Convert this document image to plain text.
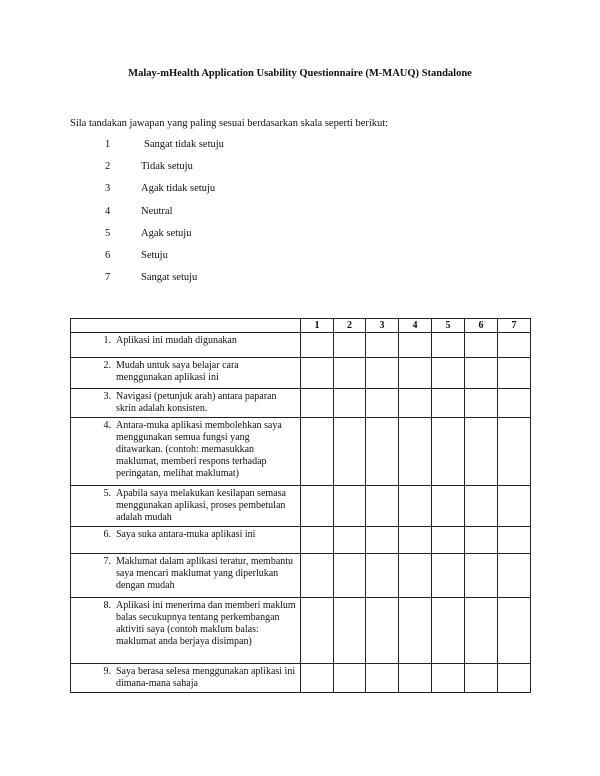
Malay-mHealth Application Usability Questionnaire (M-MAUQ) Standalone
Sila tandakan jawapan yang paling sesuai berdasarkan skala seperti berikut:
1	Sangat tidak setuju
2	Tidak setuju
3	Agak tidak setuju
4	Neutral
5	Agak setuju
6	Setuju
7	Sangat setuju
	1	2	3	4	5	6	7

1. Aplikasi ini mudah digunakan							

2. Mudah untuk saya belajar cara menggunakan aplikasi ini							

3. Navigasi (petunjuk arah) antara paparan skrin adalah konsisten.							

4. Antara-muka aplikasi membolehkan saya menggunakan semua fungsi yang ditawarkan. (contoh: memasukkan maklumat, memberi respons terhadap peringatan, melihat maklumat)							

5. Apabila saya melakukan kesilapan semasa menggunakan aplikasi, proses pembetulan adalah mudah							

6. Saya suka antara-muka aplikasi ini							

7. Maklumat dalam aplikasi teratur, membantu saya mencari maklumat yang diperlukan dengan mudah							

8. Aplikasi ini menerima dan memberi maklum balas secukupnya tentang perkembangan aktiviti saya (contoh maklum balas: maklumat anda berjaya disimpan)							

9. Saya berasa selesa menggunakan aplikasi ini dimana-mana sahaja							
